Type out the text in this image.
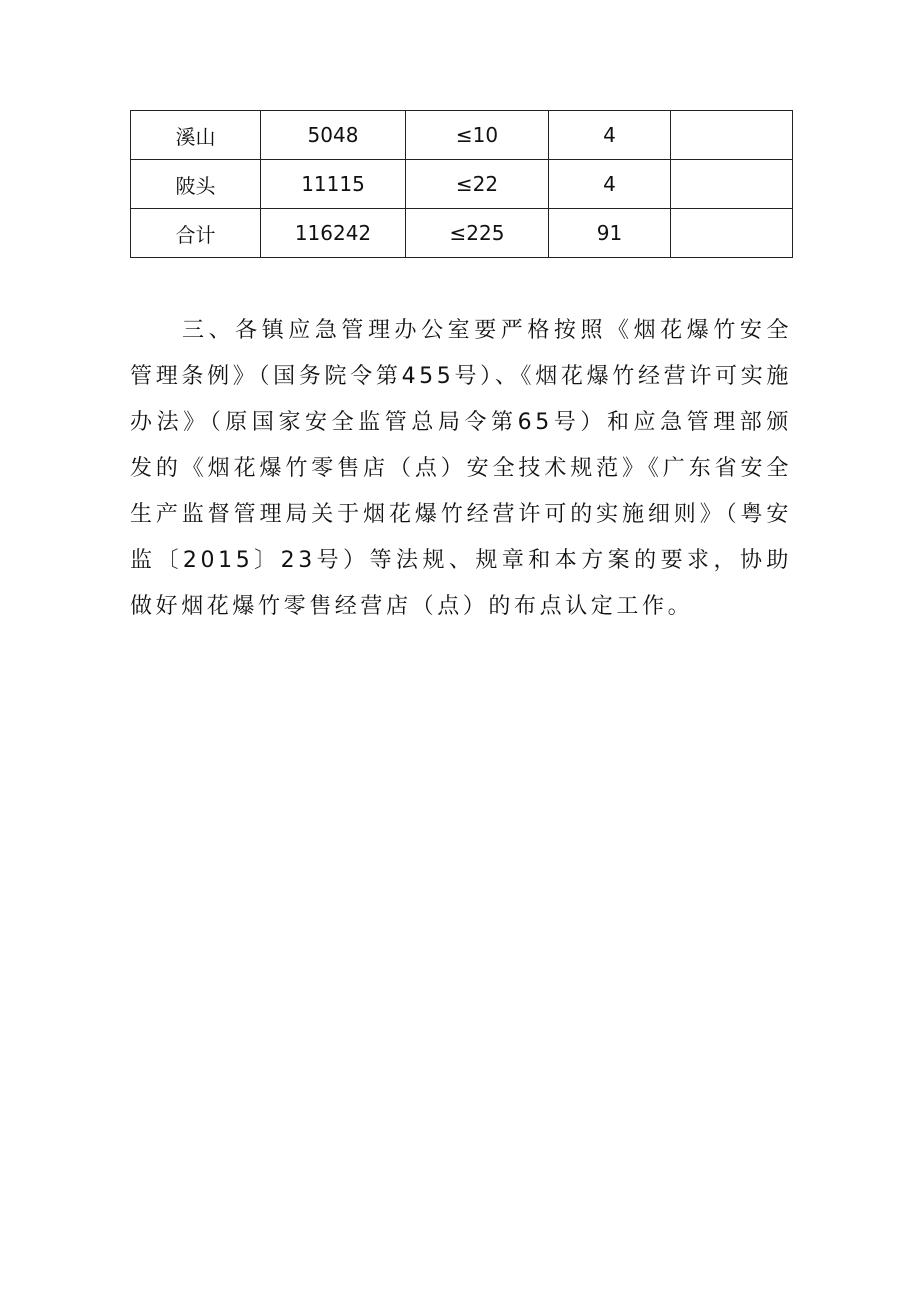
溪山	5048	≤10	4	
陂头	11115	≤22	4	
合计	116242	≤225	91	

三、各镇应急管理办公室要严格按照《烟花爆竹安全管理条例》（国务院令第455号）、《烟花爆竹经营许可实施办法》（原国家安全监管总局令第65号）和应急管理部颁发的《烟花爆竹零售店（点）安全技术规范》《广东省安全生产监督管理局关于烟花爆竹经营许可的实施细则》（粤安监〔2015〕23号）等法规、规章和本方案的要求，协助做好烟花爆竹零售经营店（点）的布点认定工作。
